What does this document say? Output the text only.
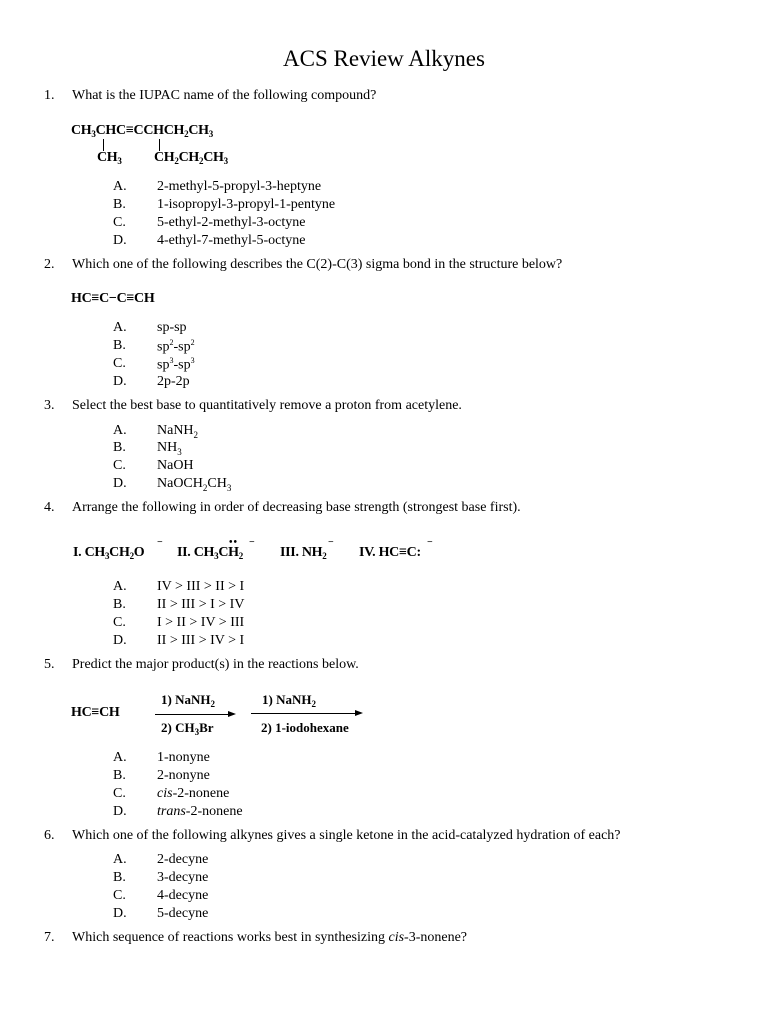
ACS Review Alkynes
1. What is the IUPAC name of the following compound?
$CH_3CHC\equiv CCHCH_2CH_3$
$CH_3$ $CH_2CH_2CH_3$
A. 2-methyl-5-propyl-3-heptyne
B. 1-isopropyl-3-propyl-1-pentyne
C. 5-ethyl-2-methyl-3-octyne
D. 4-ethyl-7-methyl-5-octyne
2. Which one of the following describes the C(2)-C(3) sigma bond in the structure below?
HC≡C−C≡CH
A. sp-sp
B. $sp^2-sp^2$
C. $sp^3-sp^3$
D. 2p-2p
3. Select the best base to quantitatively remove a proton from acetylene.
A. NaNH$_2$
B. $NH_3$
C. NaOH
D. $NaOCH_2CH_3$
4. Arrange the following in order of decreasing base strength (strongest base first).
I. $CH_3CH_2O$
−
II. $CH_3CH_2$
•• −
III. $NH_2$
−
IV. HC≡C:
−
A. IV > III > II > I
B. II > III > I > IV
C. I > II > IV > III
D. II > III > IV > I
5. Predict the major product(s) in the reactions below.
HC≡CH
1) NaNH$_2$
2) $CH_3Br$
1) NaNH$_2$
2) 1-iodohexane
A. 1-nonyne
B. 2-nonyne
C. cis-2-nonene
D. trans-2-nonene
6. Which one of the following alkynes gives a single ketone in the acid-catalyzed hydration of each?
A. 2-decyne
B. 3-decyne
C. 4-decyne
D. 5-decyne
7. Which sequence of reactions works best in synthesizing cis-3-nonene?
